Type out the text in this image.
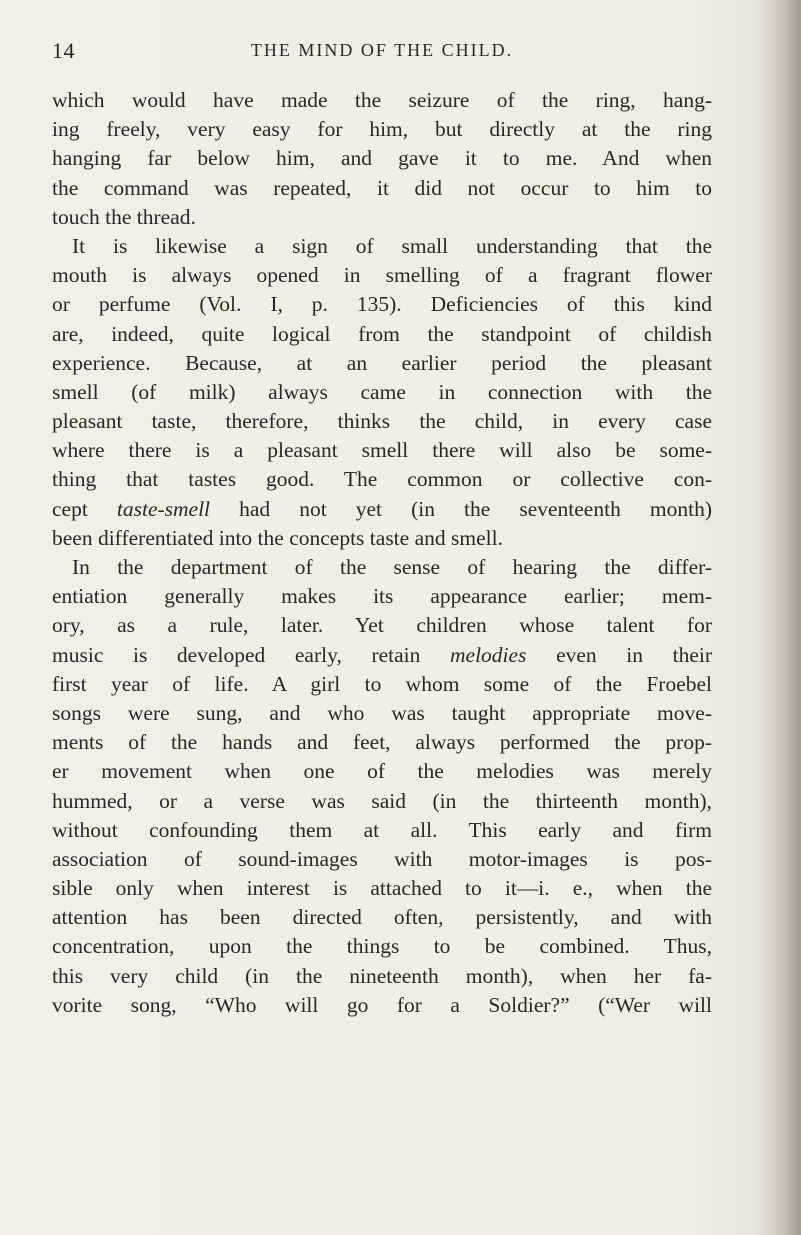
14	THE MIND OF THE CHILD.
which would have made the seizure of the ring, hang-
ing freely, very easy for him, but directly at the ring
hanging far below him, and gave it to me. And when
the command was repeated, it did not occur to him to
touch the thread.
It is likewise a sign of small understanding that the
mouth is always opened in smelling of a fragrant flower
or perfume (Vol. I, p. 135). Deficiencies of this kind
are, indeed, quite logical from the standpoint of childish
experience. Because, at an earlier period the pleasant
smell (of milk) always came in connection with the
pleasant taste, therefore, thinks the child, in every case
where there is a pleasant smell there will also be some-
thing that tastes good. The common or collective con-
cept taste-smell had not yet (in the seventeenth month)
been differentiated into the concepts taste and smell.
In the department of the sense of hearing the differ-
entiation generally makes its appearance earlier; mem-
ory, as a rule, later. Yet children whose talent for
music is developed early, retain melodies even in their
first year of life. A girl to whom some of the Froebel
songs were sung, and who was taught appropriate move-
ments of the hands and feet, always performed the prop-
er movement when one of the melodies was merely
hummed, or a verse was said (in the thirteenth month),
without confounding them at all. This early and firm
association of sound-images with motor-images is pos-
sible only when interest is attached to it—i. e., when the
attention has been directed often, persistently, and with
concentration, upon the things to be combined. Thus,
this very child (in the nineteenth month), when her fa-
vorite song, “Who will go for a Soldier?” (“Wer will
